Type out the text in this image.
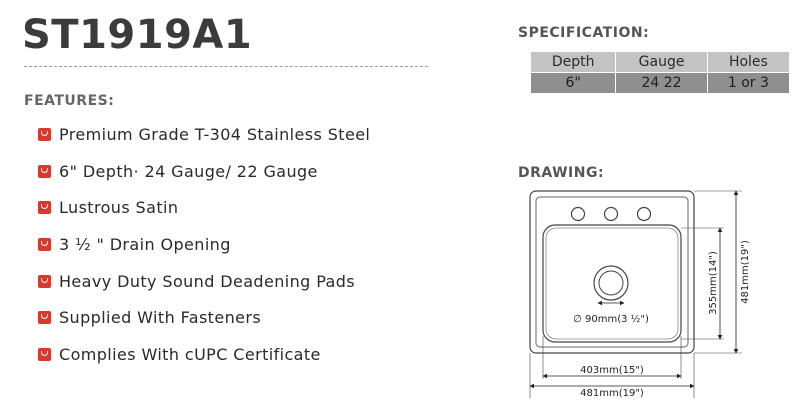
ST1919A1
FEATURES:
Premium Grade T-304 Stainless Steel
6" Depth· 24 Gauge/ 22 Gauge
Lustrous Satin
3 ½ " Drain Opening
Heavy Duty Sound Deadening Pads
Supplied With Fasteners
Complies With cUPC Certificate
SPECIFICATION:
Depth	Gauge	Holes
6"	24 22	1 or 3
DRAWING:
∅ 90mm(3 ½")
403mm(15")
481mm(19")
355mm(14") 481mm(19")
